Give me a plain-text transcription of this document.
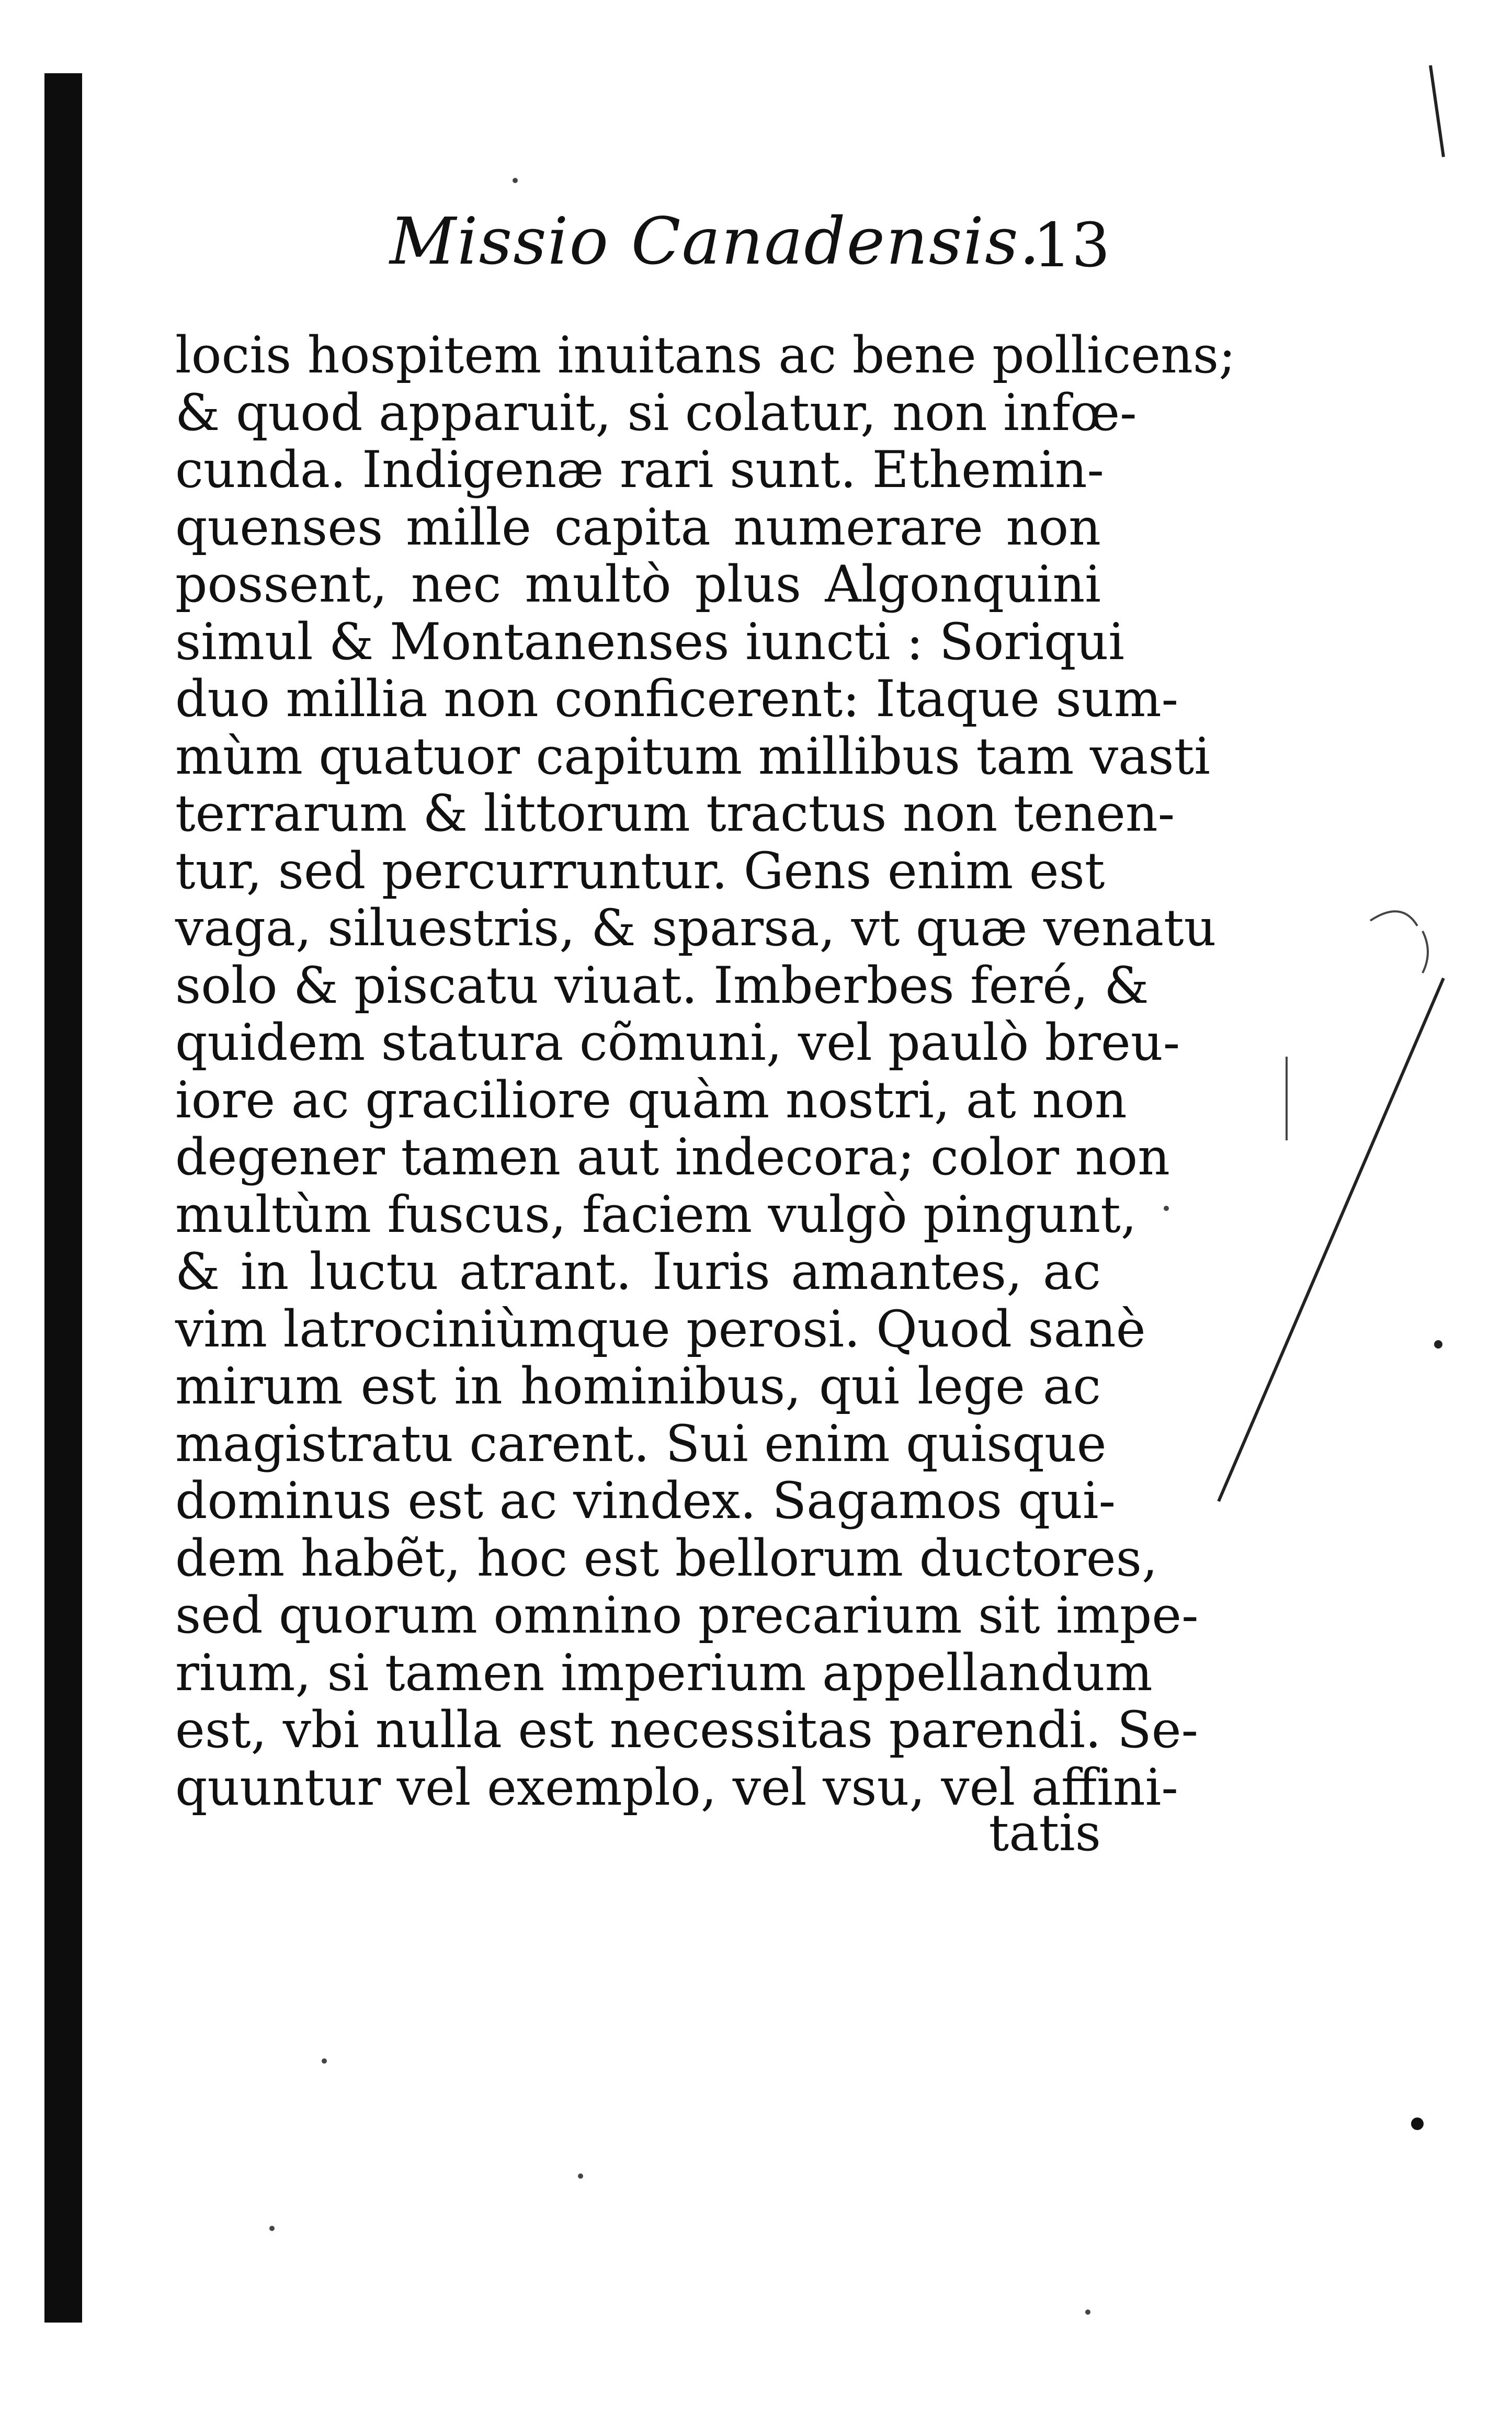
Missio Canadensis.
13
locis hospitem inuitans ac bene pollicens;
& quod apparuit, si colatur, non infœ-
cunda. Indigenæ rari sunt. Ethemin-
quenses mille capita numerare non
possent, nec multò plus Algonquini
simul & Montanenses iuncti : Soriqui
duo millia non conficerent: Itaque sum-
mùm quatuor capitum millibus tam vasti
terrarum & littorum tractus non tenen-
tur, sed percurruntur. Gens enim est
vaga, siluestris, & sparsa, vt quæ venatu
solo & piscatu viuat. Imberbes feré, &
quidem statura cõmuni, vel paulò breu-
iore ac graciliore quàm nostri, at non
degener tamen aut indecora; color non
multùm fuscus, faciem vulgò pingunt,
& in luctu atrant. Iuris amantes, ac
vim latrociniùmque perosi. Quod sanè
mirum est in hominibus, qui lege ac
magistratu carent. Sui enim quisque
dominus est ac vindex. Sagamos qui-
dem habẽt, hoc est bellorum ductores,
sed quorum omnino precarium sit impe-
rium, si tamen imperium appellandum
est, vbi nulla est necessitas parendi. Se-
quuntur vel exemplo, vel vsu, vel affini-
tatis
